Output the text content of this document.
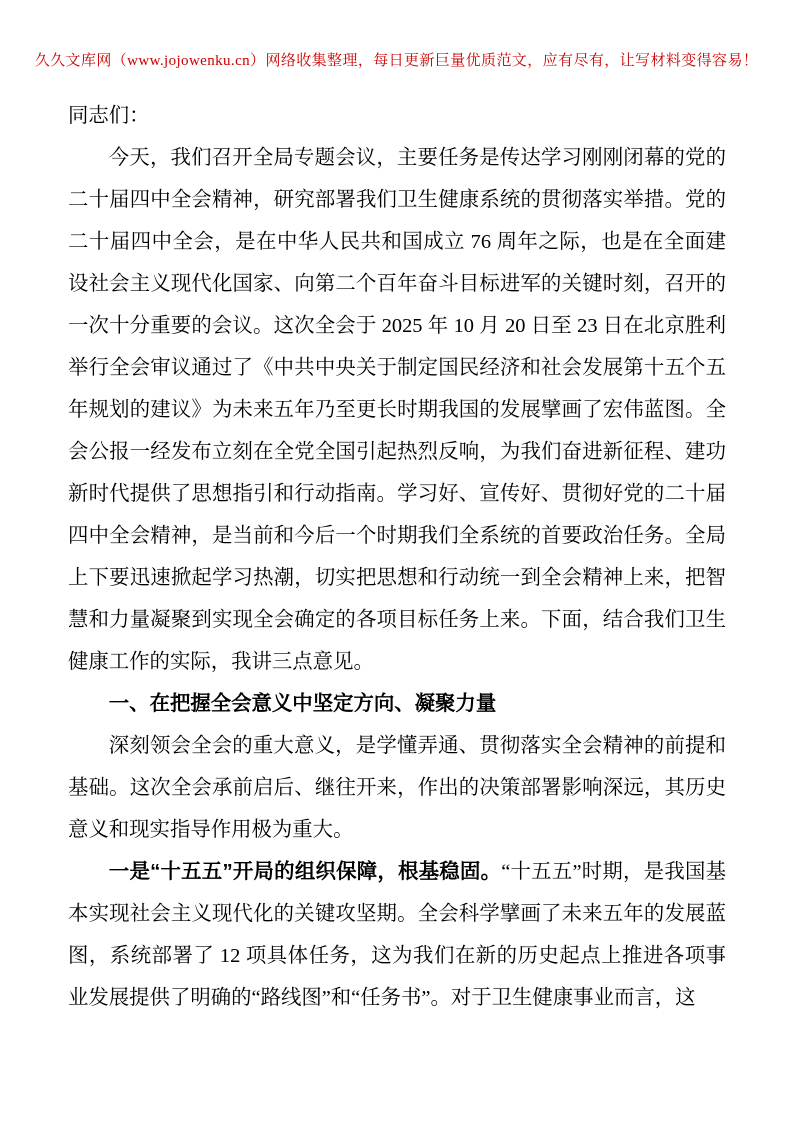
久久文库网（www.jojowenku.cn）网络收集整理，每日更新巨量优质范文，应有尽有，让写材料变得容易！

同志们：

今天，我们召开全局专题会议，主要任务是传达学习刚刚闭幕的党的二十届四中全会精神，研究部署我们卫生健康系统的贯彻落实举措。党的二十届四中全会，是在中华人民共和国成立 76 周年之际，也是在全面建设社会主义现代化国家、向第二个百年奋斗目标进军的关键时刻，召开的一次十分重要的会议。这次全会于 2025 年 10 月 20 日至 23 日在北京胜利举行全会审议通过了《中共中央关于制定国民经济和社会发展第十五个五年规划的建议》为未来五年乃至更长时期我国的发展擘画了宏伟蓝图。全会公报一经发布立刻在全党全国引起热烈反响，为我们奋进新征程、建功新时代提供了思想指引和行动指南。学习好、宣传好、贯彻好党的二十届四中全会精神，是当前和今后一个时期我们全系统的首要政治任务。全局上下要迅速掀起学习热潮，切实把思想和行动统一到全会精神上来，把智慧和力量凝聚到实现全会确定的各项目标任务上来。下面，结合我们卫生健康工作的实际，我讲三点意见。

一、在把握全会意义中坚定方向、凝聚力量

深刻领会全会的重大意义，是学懂弄通、贯彻落实全会精神的前提和基础。这次全会承前启后、继往开来，作出的决策部署影响深远，其历史意义和现实指导作用极为重大。

一是“十五五”开局的组织保障，根基稳固。“十五五”时期，是我国基本实现社会主义现代化的关键攻坚期。全会科学擘画了未来五年的发展蓝图，系统部署了 12 项具体任务，这为我们在新的历史起点上推进各项事业发展提供了明确的“路线图”和“任务书”。对于卫生健康事业而言，这
